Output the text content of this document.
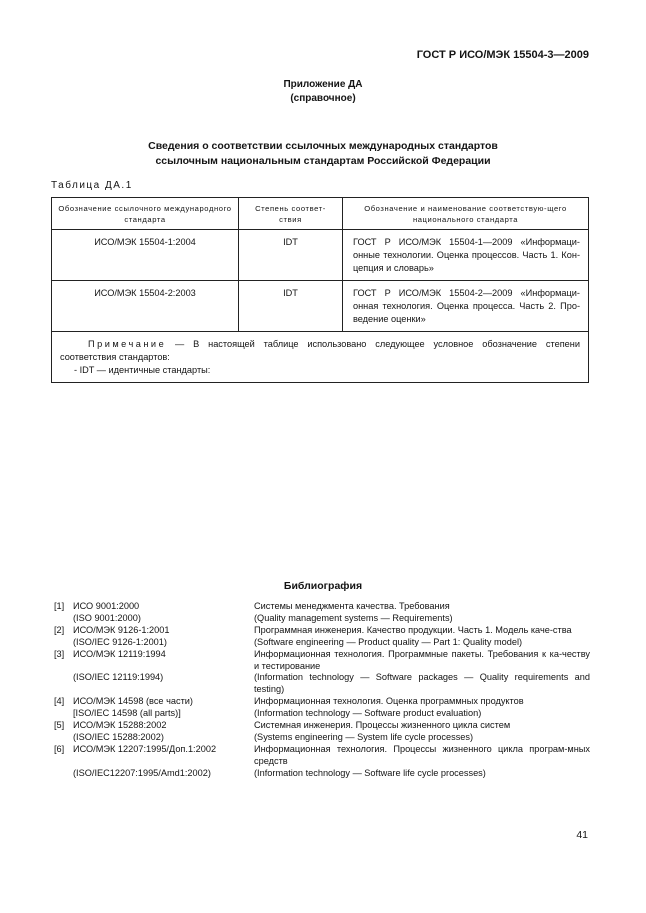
ГОСТ Р ИСО/МЭК 15504-3—2009
Приложение ДА
(справочное)
Сведения о соответствии ссылочных международных стандартов
ссылочным национальным стандартам Российской Федерации
Таблица ДА.1
Обозначение ссылочного международного стандарта	Степень соответ-ствия	Обозначение и наименование соответствую-щего национального стандарта
ИСО/МЭК 15504-1:2004	IDT	ГОСТ Р ИСО/МЭК 15504-1—2009 «Информаци-онные технологии. Оценка процессов. Часть 1. Кон-цепция и словарь»
ИСО/МЭК 15504-2:2003	IDT	ГОСТ Р ИСО/МЭК 15504-2—2009 «Информаци-онная технология. Оценка процесса. Часть 2. Про-ведение оценки»

Примечание — В настоящей таблице использовано следующее условное обозначение степени соответствия стандартов:
- IDT — идентичные стандарты:		
Библиография
[1] ИСО 9001:2000	Системы менеджмента качества. Требования
(ISO 9001:2000)	(Quality management systems — Requirements)
[2] ИСО/МЭК 9126-1:2001	Программная инженерия. Качество продукции. Часть 1. Модель каче-ства
(ISO/IEC 9126-1:2001)	(Software engineering — Product quality — Part 1: Quality model)
[3] ИСО/МЭК 12119:1994	Информационная технология. Программные пакеты. Требования к ка-честву и тестирование
(ISO/IEC 12119:1994)	(Information technology — Software packages — Quality requirements and testing)
[4] ИСО/МЭК 14598 (все части)	Информационная технология. Оценка программных продуктов
[ISO/IEC 14598 (all parts)]	(Information technology — Software product evaluation)
[5] ИСО/МЭК 15288:2002	Системная инженерия. Процессы жизненного цикла систем
(ISO/IEC 15288:2002)	(Systems engineering — System life cycle processes)
[6] ИСО/МЭК 12207:1995/Доп.1:2002	Информационная технология. Процессы жизненного цикла програм-мных средств
(ISO/IEC12207:1995/Amd1:2002)	(Information technology — Software life cycle processes)
41
